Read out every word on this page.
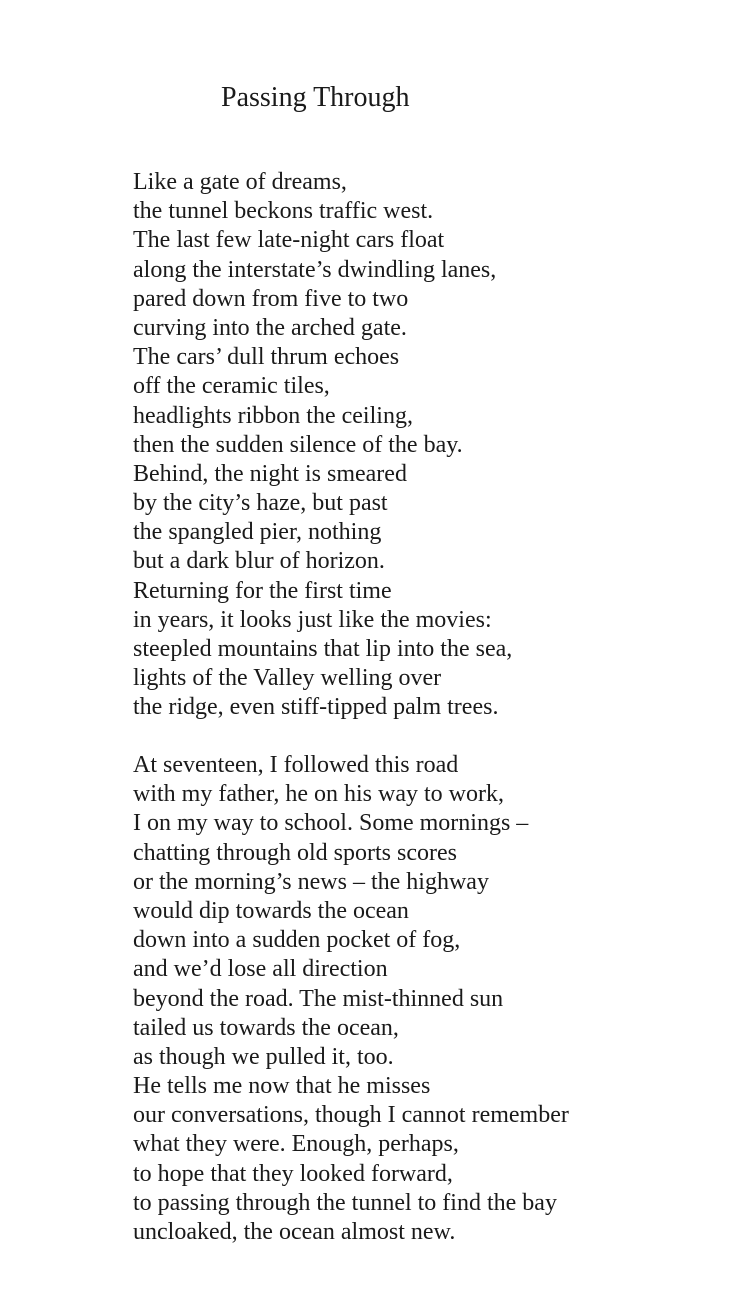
Passing Through
Like a gate of dreams,
the tunnel beckons traffic west.
The last few late-night cars float
along the interstate’s dwindling lanes,
pared down from five to two
curving into the arched gate.
The cars’ dull thrum echoes
off the ceramic tiles,
headlights ribbon the ceiling,
then the sudden silence of the bay.
Behind, the night is smeared
by the city’s haze, but past
the spangled pier, nothing
but a dark blur of horizon.
Returning for the first time
in years, it looks just like the movies:
steepled mountains that lip into the sea,
lights of the Valley welling over
the ridge, even stiff-tipped palm trees.
At seventeen, I followed this road
with my father, he on his way to work,
I on my way to school. Some mornings –
chatting through old sports scores
or the morning’s news – the highway
would dip towards the ocean
down into a sudden pocket of fog,
and we’d lose all direction
beyond the road. The mist-thinned sun
tailed us towards the ocean,
as though we pulled it, too.
He tells me now that he misses
our conversations, though I cannot remember
what they were. Enough, perhaps,
to hope that they looked forward,
to passing through the tunnel to find the bay
uncloaked, the ocean almost new.
